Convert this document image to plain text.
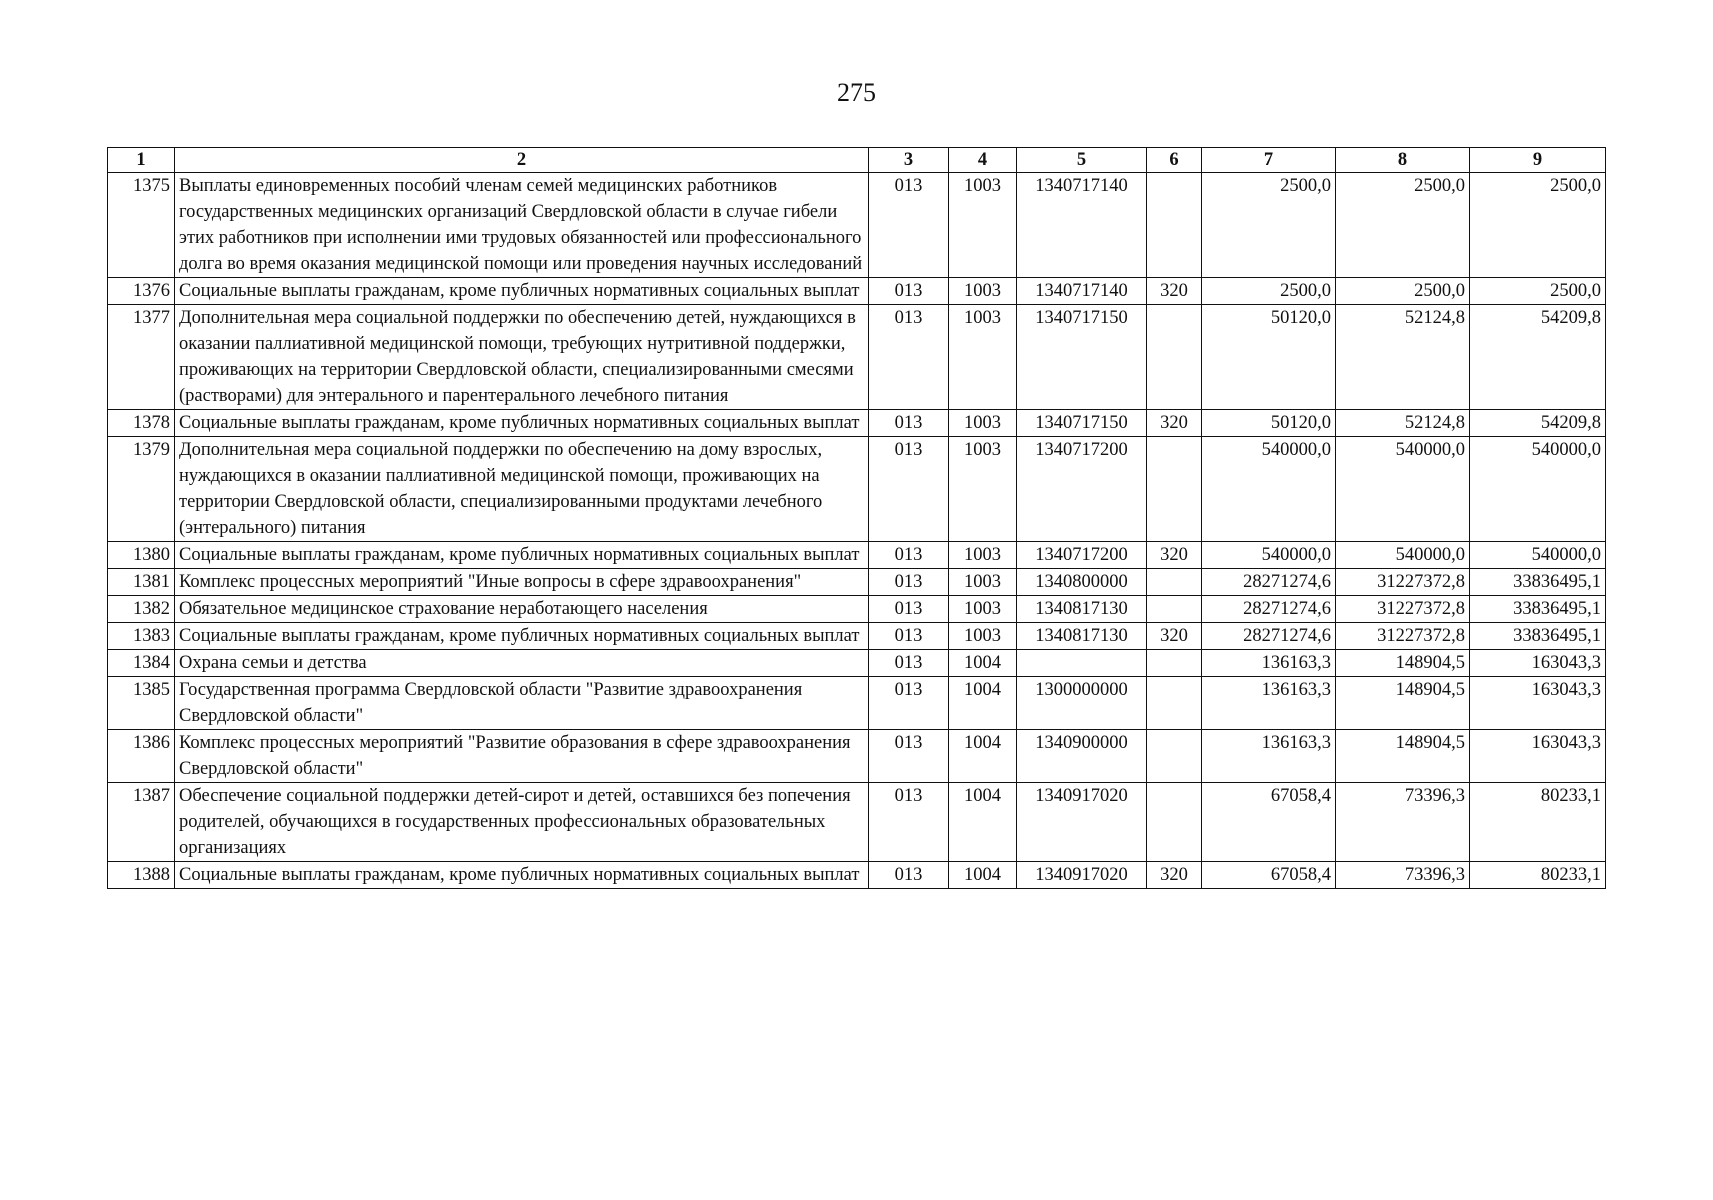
275
1	2	3	4	5	6	7	8	9
1375	Выплаты единовременных пособий членам семей медицинских работников государственных медицинских организаций Свердловской области в случае гибели этих работников при исполнении ими трудовых обязанностей или профессионального долга во время оказания медицинской помощи или проведения научных исследований	013	1003	1340717140		2500,0	2500,0	2500,0
1376	Социальные выплаты гражданам, кроме публичных нормативных социальных выплат	013	1003	1340717140	320	2500,0	2500,0	2500,0
1377	Дополнительная мера социальной поддержки по обеспечению детей, нуждающихся в оказании паллиативной медицинской помощи, требующих нутритивной поддержки, проживающих на территории Свердловской области, специализированными смесями (растворами) для энтерального и парентерального лечебного питания	013	1003	1340717150		50120,0	52124,8	54209,8
1378	Социальные выплаты гражданам, кроме публичных нормативных социальных выплат	013	1003	1340717150	320	50120,0	52124,8	54209,8
1379	Дополнительная мера социальной поддержки по обеспечению на дому взрослых, нуждающихся в оказании паллиативной медицинской помощи, проживающих на территории Свердловской области, специализированными продуктами лечебного (энтерального) питания	013	1003	1340717200		540000,0	540000,0	540000,0
1380	Социальные выплаты гражданам, кроме публичных нормативных социальных выплат	013	1003	1340717200	320	540000,0	540000,0	540000,0
1381	Комплекс процессных мероприятий "Иные вопросы в сфере здравоохранения"	013	1003	1340800000		28271274,6	31227372,8	33836495,1
1382	Обязательное медицинское страхование неработающего населения	013	1003	1340817130		28271274,6	31227372,8	33836495,1
1383	Социальные выплаты гражданам, кроме публичных нормативных социальных выплат	013	1003	1340817130	320	28271274,6	31227372,8	33836495,1
1384	Охрана семьи и детства	013	1004			136163,3	148904,5	163043,3
1385	Государственная программа Свердловской области "Развитие здравоохранения Свердловской области"	013	1004	1300000000		136163,3	148904,5	163043,3
1386	Комплекс процессных мероприятий "Развитие образования в сфере здравоохранения Свердловской области"	013	1004	1340900000		136163,3	148904,5	163043,3
1387	Обеспечение социальной поддержки детей-сирот и детей, оставшихся без попечения родителей, обучающихся в государственных профессиональных образовательных организациях	013	1004	1340917020		67058,4	73396,3	80233,1
1388	Социальные выплаты гражданам, кроме публичных нормативных социальных выплат	013	1004	1340917020	320	67058,4	73396,3	80233,1
